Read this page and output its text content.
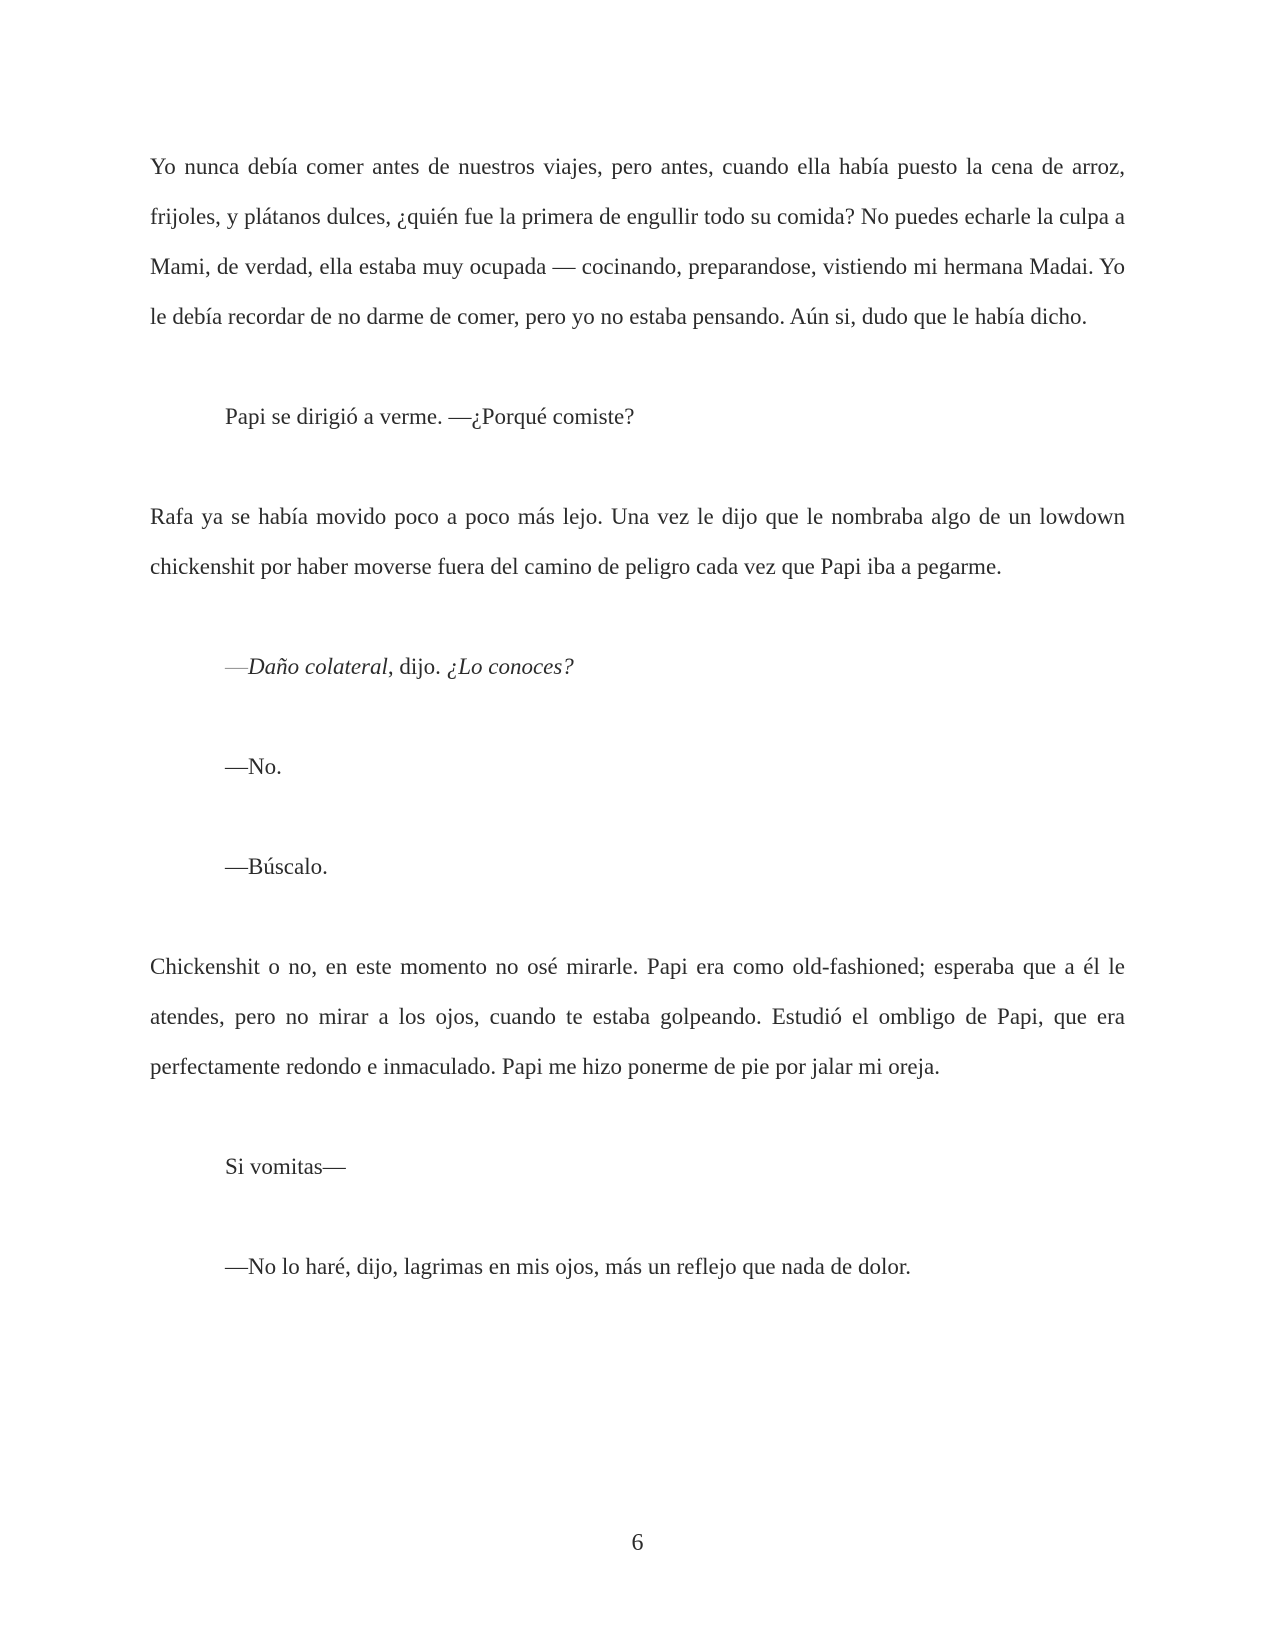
Yo nunca debía comer antes de nuestros viajes, pero antes, cuando ella había puesto la cena de arroz, frijoles, y plátanos dulces, ¿quién fue la primera de engullir todo su comida? No puedes echarle la culpa a Mami, de verdad, ella estaba muy ocupada — cocinando, preparandose, vistiendo mi hermana Madai. Yo le debía recordar de no darme de comer, pero yo no estaba pensando. Aún si, dudo que le había dicho.

Papi se dirigió a verme. —¿Porqué comiste?

Rafa ya se había movido poco a poco más lejo. Una vez le dijo que le nombraba algo de un lowdown chickenshit por haber moverse fuera del camino de peligro cada vez que Papi iba a pegarme.

—Daño colateral, dijo. ¿Lo conoces?

—No.

—Búscalo.

Chickenshit o no, en este momento no osé mirarle. Papi era como old-fashioned; esperaba que a él le atendes, pero no mirar a los ojos, cuando te estaba golpeando. Estudió el ombligo de Papi, que era perfectamente redondo e inmaculado. Papi me hizo ponerme de pie por jalar mi oreja.

Si vomitas—

—No lo haré, dijo, lagrimas en mis ojos, más un reflejo que nada de dolor.

6
